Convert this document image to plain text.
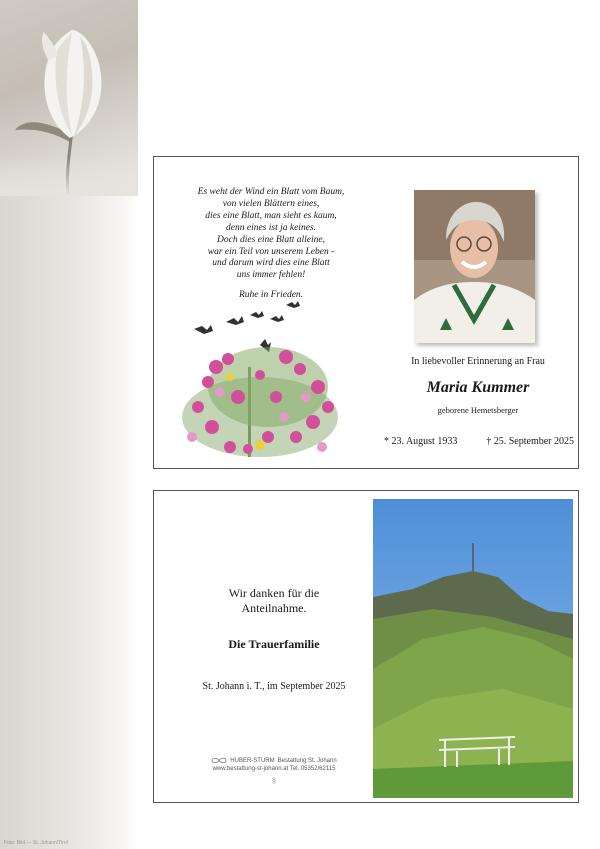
Foto: Bild — St. Johann/Tirol
Es weht der Wind ein Blatt vom Baum,
von vielen Blättern eines,
dies eine Blatt, man sieht es kaum,
denn eines ist ja keines.
Doch dies eine Blatt alleine,
war ein Teil von unserem Leben -
und darum wird dies eine Blatt
uns immer fehlen!
Ruhe in Frieden.
In liebevoller Erinnerung an Frau
Maria Kummer
geborene Hemetsberger
* 23. August 1933	† 25. September 2025
Wir danken für die
Anteilnahme.
Die Trauerfamilie
St. Johann i. T., im September 2025
HUBER-STURM Bestattung St. Johann
www.bestattung-st-johann.at Tel. 05352/62115
§
